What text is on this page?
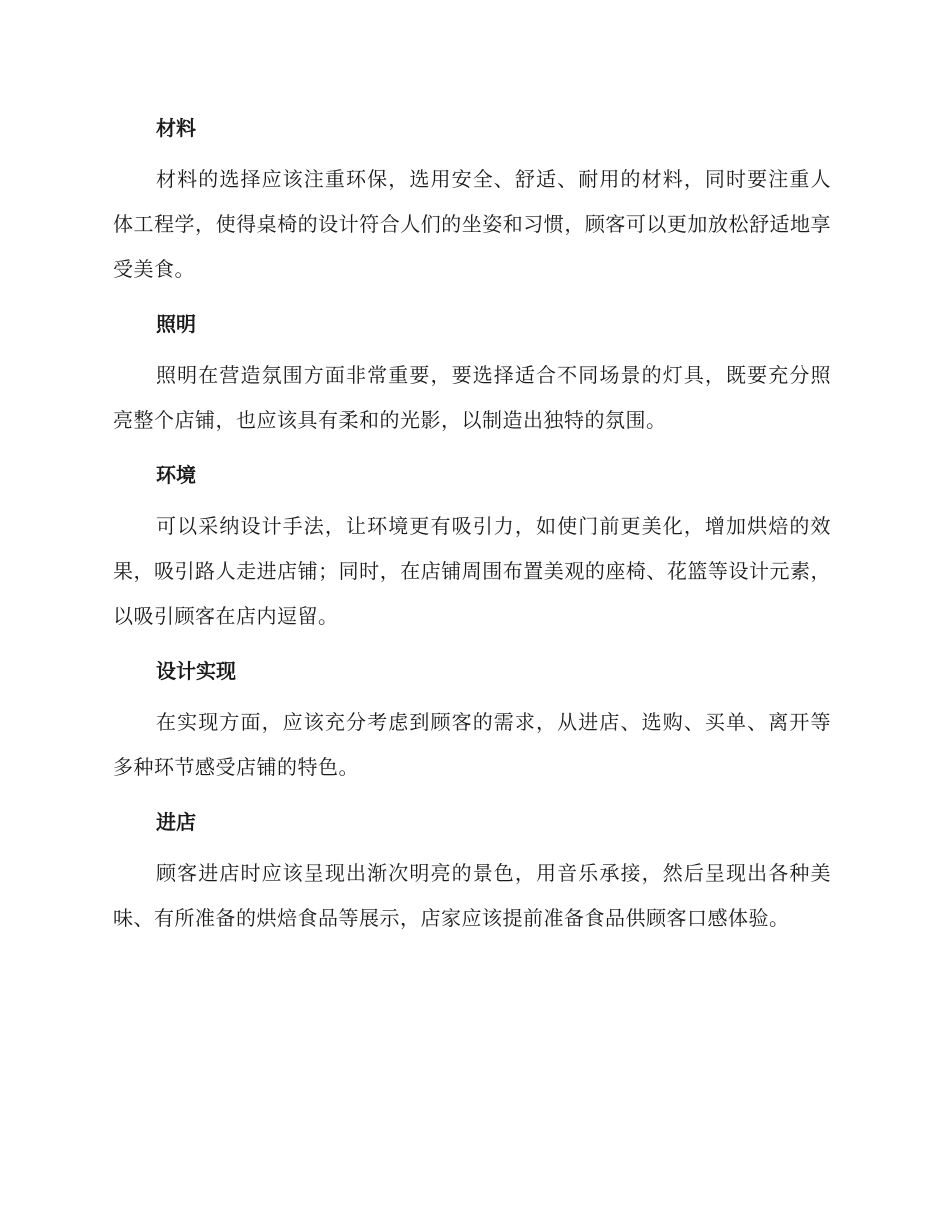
材料

材料的选择应该注重环保，选用安全、舒适、耐用的材料，同时要注重人体工程学，使得桌椅的设计符合人们的坐姿和习惯，顾客可以更加放松舒适地享受美食。

照明

照明在营造氛围方面非常重要，要选择适合不同场景的灯具，既要充分照亮整个店铺，也应该具有柔和的光影，以制造出独特的氛围。

环境

可以采纳设计手法，让环境更有吸引力，如使门前更美化，增加烘焙的效果，吸引路人走进店铺；同时，在店铺周围布置美观的座椅、花篮等设计元素，以吸引顾客在店内逗留。

设计实现

在实现方面，应该充分考虑到顾客的需求，从进店、选购、买单、离开等多种环节感受店铺的特色。

进店

顾客进店时应该呈现出渐次明亮的景色，用音乐承接，然后呈现出各种美味、有所准备的烘焙食品等展示，店家应该提前准备食品供顾客口感体验。
